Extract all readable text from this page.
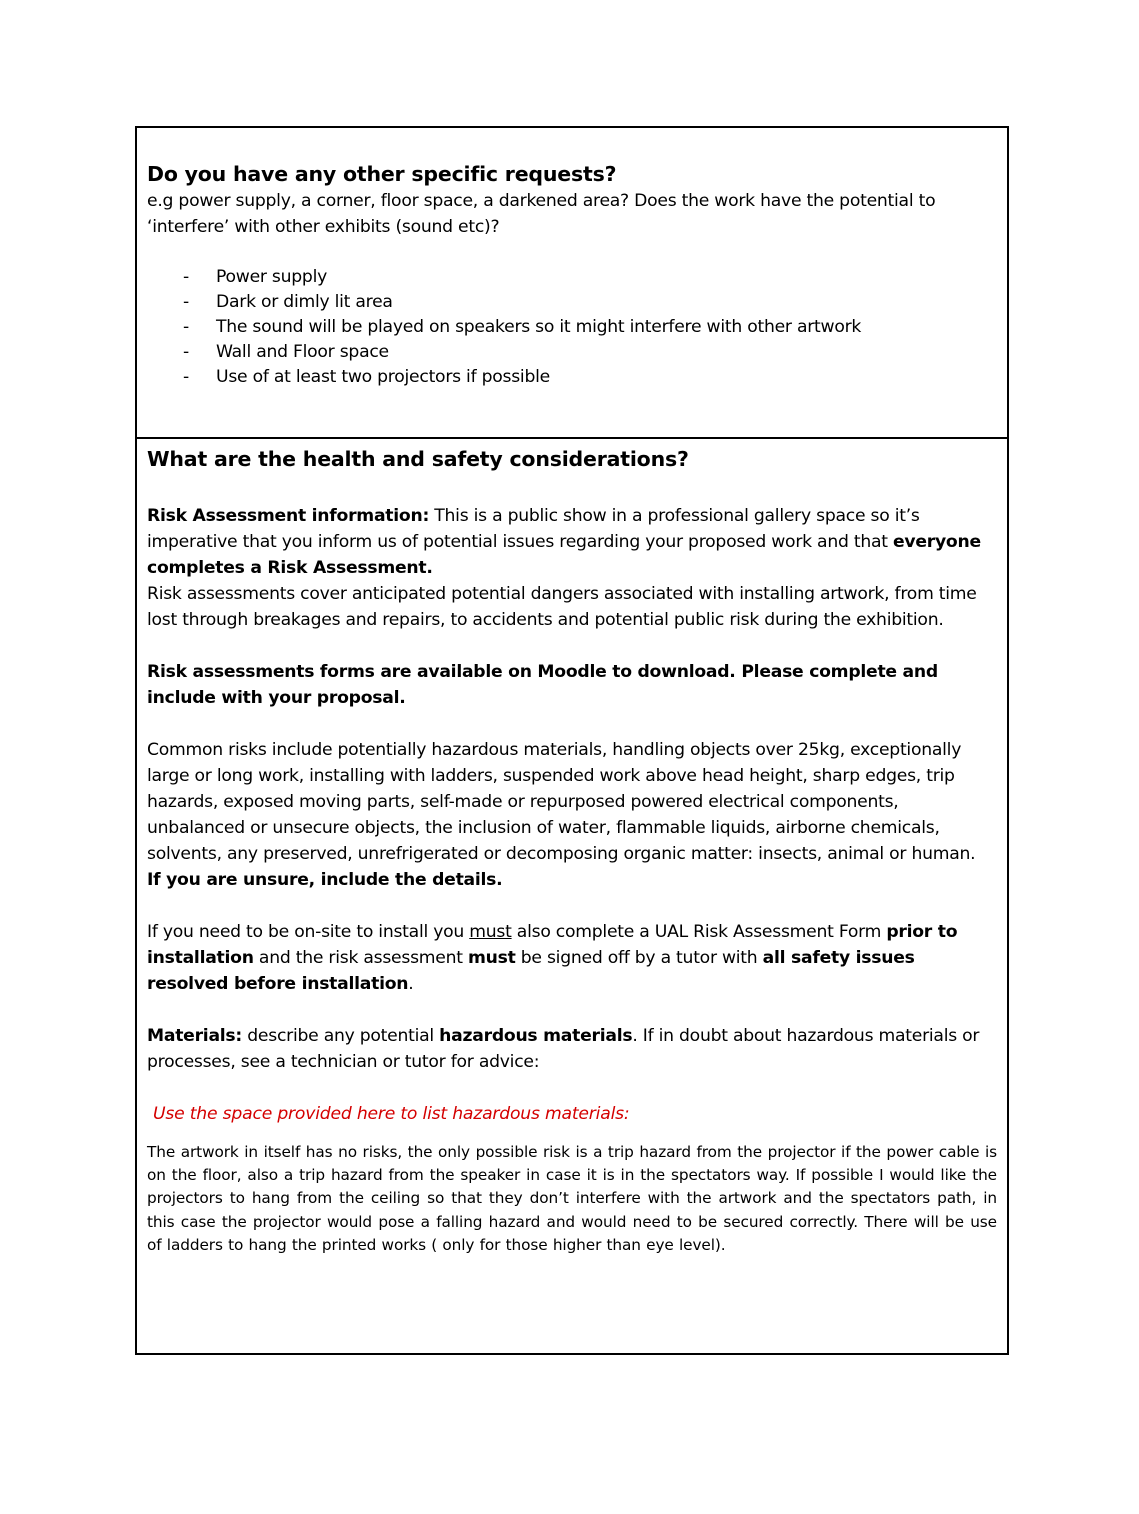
Do you have any other specific requests?

e.g power supply, a corner, floor space, a darkened area? Does the work have the potential to
‘interfere’ with other exhibits (sound etc)?

- Power supply
- Dark or dimly lit area
- The sound will be played on speakers so it might interfere with other artwork
- Wall and Floor space
- Use of at least two projectors if possible
What are the health and safety considerations?

Risk Assessment information: This is a public show in a professional gallery space so it’s imperative that you inform us of potential issues regarding your proposed work and that everyone completes a Risk Assessment.

Risk assessments cover anticipated potential dangers associated with installing artwork, from time lost through breakages and repairs, to accidents and potential public risk during the exhibition.

Risk assessments forms are available on Moodle to download. Please complete and include with your proposal.

Common risks include potentially hazardous materials, handling objects over 25kg, exceptionally large or long work, installing with ladders, suspended work above head height, sharp edges, trip hazards, exposed moving parts, self-made or repurposed powered electrical components, unbalanced or unsecure objects, the inclusion of water, flammable liquids, airborne chemicals, solvents, any preserved, unrefrigerated or decomposing organic matter: insects, animal or human.
If you are unsure, include the details.

If you need to be on-site to install you must also complete a UAL Risk Assessment Form prior to installation and the risk assessment must be signed off by a tutor with all safety issues resolved before installation.

Materials: describe any potential hazardous materials. If in doubt about hazardous materials or processes, see a technician or tutor for advice:

Use the space provided here to list hazardous materials:
The artwork in itself has no risks, the only possible risk is a trip hazard from the projector if the power cable is on the floor, also a trip hazard from the speaker in case it is in the spectators way. If possible I would like the projectors to hang from the ceiling so that they don’t interfere with the artwork and the spectators path, in this case the projector would pose a falling hazard and would need to be secured correctly. There will be use of ladders to hang the printed works ( only for those higher than eye level).
